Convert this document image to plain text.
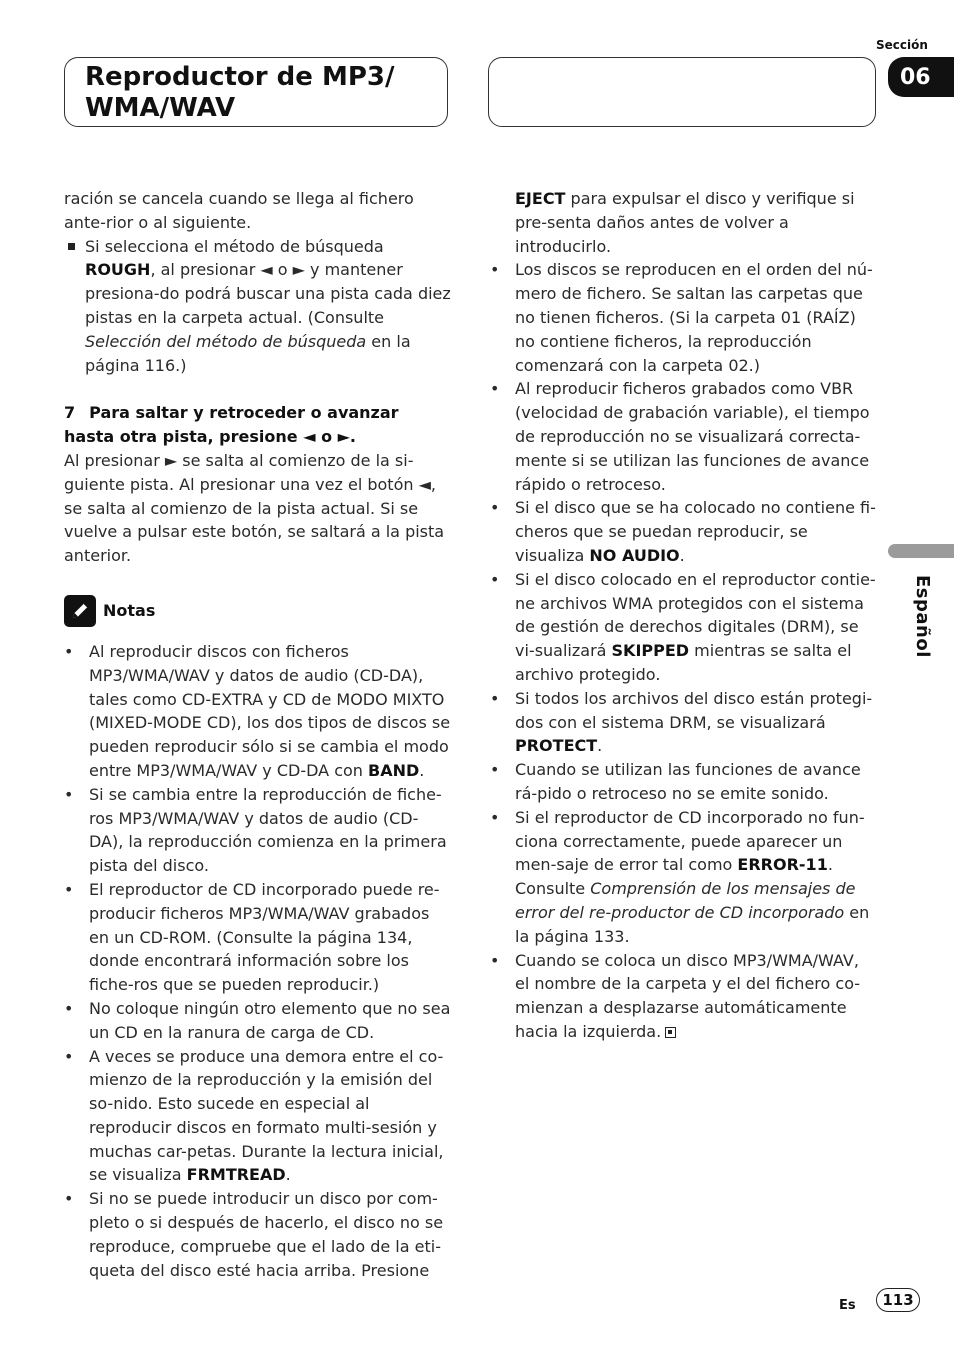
Reproductor de MP3/
WMA/WAV
Sección
06
Español

ración se cancela cuando se llega al fichero ante-rior o al siguiente.

Si selecciona el método de búsqueda ROUGH, al presionar ◄ o ► y mantener presiona-do podrá buscar una pista cada diez pistas en la carpeta actual. (Consulte Selección del método de búsqueda en la página 116.)

7 Para saltar y retroceder o avanzar hasta otra pista, presione ◄ o ►.

Al presionar ► se salta al comienzo de la si-guiente pista. Al presionar una vez el botón ◄, se salta al comienzo de la pista actual. Si se vuelve a pulsar este botón, se saltará a la pista anterior.

Notas
• Al reproducir discos con ficheros MP3/WMA/WAV y datos de audio (CD-DA), tales como CD-EXTRA y CD de MODO MIXTO (MIXED-MODE CD), los dos tipos de discos se pueden reproducir sólo si se cambia el modo entre MP3/WMA/WAV y CD-DA con BAND.
• Si se cambia entre la reproducción de fiche-ros MP3/WMA/WAV y datos de audio (CD-DA), la reproducción comienza en la primera pista del disco.
• El reproductor de CD incorporado puede re-producir ficheros MP3/WMA/WAV grabados en un CD-ROM. (Consulte la página 134, donde encontrará información sobre los fiche-ros que se pueden reproducir.)
• No coloque ningún otro elemento que no sea un CD en la ranura de carga de CD.
• A veces se produce una demora entre el co-mienzo de la reproducción y la emisión del so-nido. Esto sucede en especial al reproducir discos en formato multi-sesión y muchas car-petas. Durante la lectura inicial, se visualiza FRMTREAD.
• Si no se puede introducir un disco por com-pleto o si después de hacerlo, el disco no se reproduce, compruebe que el lado de la eti-queta del disco esté hacia arriba. Presione

EJECT para expulsar el disco y verifique si pre-senta daños antes de volver a introducirlo.

• Los discos se reproducen en el orden del nú-mero de fichero. Se saltan las carpetas que no tienen ficheros. (Si la carpeta 01 (RAÍZ) no contiene ficheros, la reproducción comenzará con la carpeta 02.)
• Al reproducir ficheros grabados como VBR (velocidad de grabación variable), el tiempo de reproducción no se visualizará correcta-mente si se utilizan las funciones de avance rápido o retroceso.
• Si el disco que se ha colocado no contiene fi-cheros que se puedan reproducir, se visualiza NO AUDIO.
• Si el disco colocado en el reproductor contie-ne archivos WMA protegidos con el sistema de gestión de derechos digitales (DRM), se vi-sualizará SKIPPED mientras se salta el archivo protegido.
• Si todos los archivos del disco están protegi-dos con el sistema DRM, se visualizará PROTECT.
• Cuando se utilizan las funciones de avance rá-pido o retroceso no se emite sonido.
• Si el reproductor de CD incorporado no fun-ciona correctamente, puede aparecer un men-saje de error tal como ERROR-11. Consulte Comprensión de los mensajes de error del re-productor de CD incorporado en la página 133.
• Cuando se coloca un disco MP3/WMA/WAV, el nombre de la carpeta y el del fichero co-mienzan a desplazarse automáticamente hacia la izquierda.
Es	113
